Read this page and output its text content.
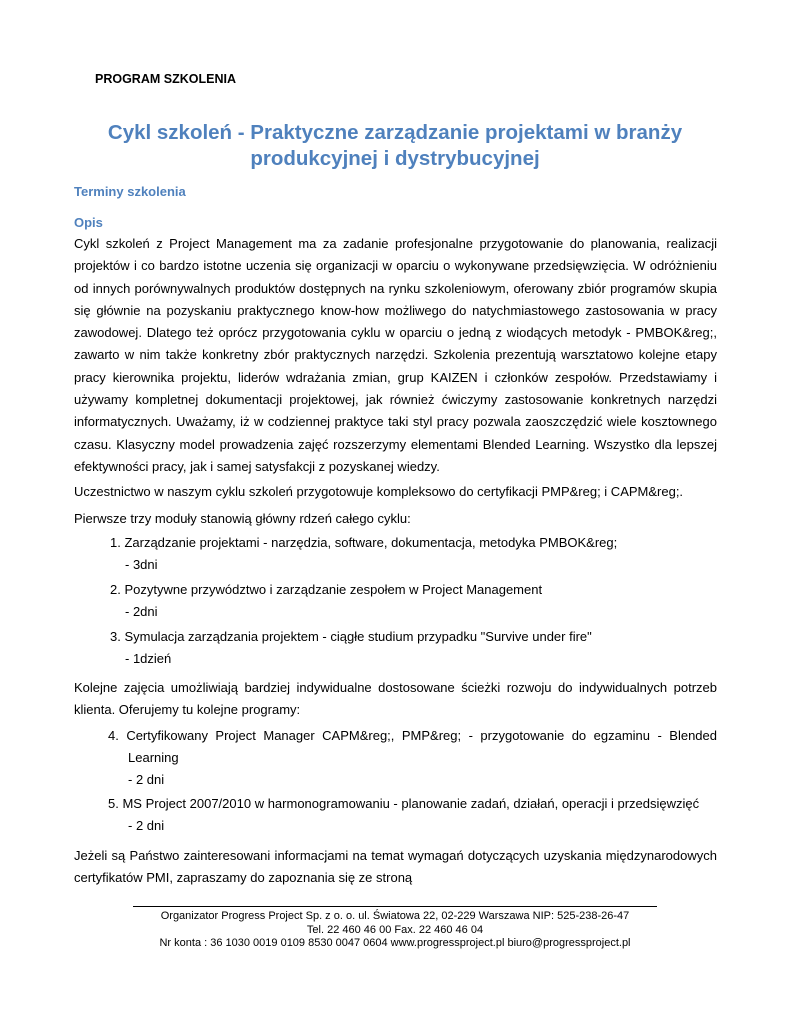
PROGRAM SZKOLENIA
Cykl szkoleń - Praktyczne zarządzanie projektami w branży
produkcyjnej i dystrybucyjnej
Terminy szkolenia
Opis
Cykl szkoleń z Project Management ma za zadanie profesjonalne przygotowanie do planowania, realizacji projektów i co bardzo istotne uczenia się organizacji w oparciu o wykonywane przedsięwzięcia. W odróżnieniu od innych porównywalnych produktów dostępnych na rynku szkoleniowym, oferowany zbiór programów skupia się głównie na pozyskaniu praktycznego know-how możliwego do natychmiastowego zastosowania w pracy zawodowej. Dlatego też oprócz przygotowania cyklu w oparciu o jedną z wiodących metodyk - PMBOK&reg;, zawarto w nim także konkretny zbór praktycznych narzędzi. Szkolenia prezentują warsztatowo kolejne etapy pracy kierownika projektu, liderów wdrażania zmian, grup KAIZEN i członków zespołów. Przedstawiamy i używamy kompletnej dokumentacji projektowej, jak również ćwiczymy zastosowanie konkretnych narzędzi informatycznych. Uważamy, iż w codziennej praktyce taki styl pracy pozwala zaoszczędzić wiele kosztownego czasu. Klasyczny model prowadzenia zajęć rozszerzymy elementami Blended Learning. Wszystko dla lepszej efektywności pracy, jak i samej satysfakcji z pozyskanej wiedzy.
Uczestnictwo w naszym cyklu szkoleń przygotowuje kompleksowo do certyfikacji PMP&reg; i CAPM&reg;.
Pierwsze trzy moduły stanowią główny rdzeń całego cyklu:
1. Zarządzanie projektami - narzędzia, software, dokumentacja, metodyka PMBOK&reg;
- 3dni
2. Pozytywne przywództwo i zarządzanie zespołem w Project Management
- 2dni
3. Symulacja zarządzania projektem - ciągłe studium przypadku "Survive under fire"
- 1dzień
Kolejne zajęcia umożliwiają bardziej indywidualne dostosowane ścieżki rozwoju do indywidualnych potrzeb klienta. Oferujemy tu kolejne programy:
4. Certyfikowany Project Manager CAPM&reg;, PMP&reg; - przygotowanie do egzaminu - Blended
Learning
- 2 dni
5. MS Project 2007/2010 w harmonogramowaniu - planowanie zadań, działań, operacji i przedsięwzięć
- 2 dni
Jeżeli są Państwo zainteresowani informacjami na temat wymagań dotyczących uzyskania międzynarodowych certyfikatów PMI, zapraszamy do zapoznania się ze stroną
Organizator Progress Project Sp. z o. o. ul. Światowa 22, 02-229 Warszawa NIP: 525-238-26-47
Tel. 22 460 46 00 Fax. 22 460 46 04
Nr konta : 36 1030 0019 0109 8530 0047 0604 www.progressproject.pl biuro@progressproject.pl
